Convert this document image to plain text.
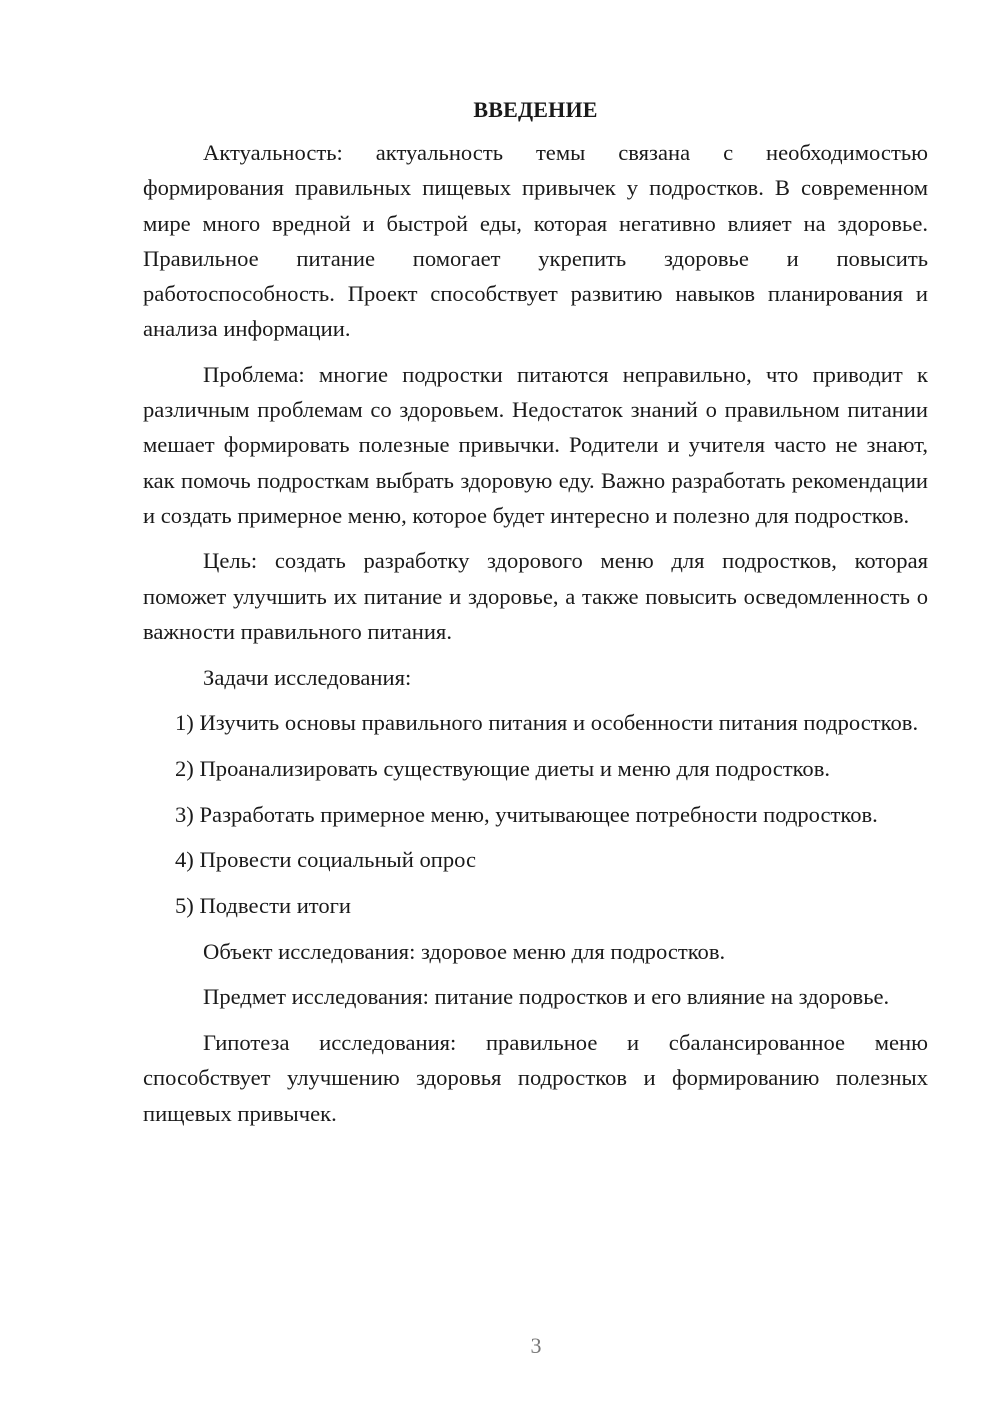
ВВЕДЕНИЕ

Актуальность: актуальность темы связана с необходимостью формирования правильных пищевых привычек у подростков. В современном мире много вредной и быстрой еды, которая негативно влияет на здоровье. Правильное питание помогает укрепить здоровье и повысить работоспособность. Проект способствует развитию навыков планирования и анализа информации.

Проблема: многие подростки питаются неправильно, что приводит к различным проблемам со здоровьем. Недостаток знаний о правильном питании мешает формировать полезные привычки. Родители и учителя часто не знают, как помочь подросткам выбрать здоровую еду. Важно разработать рекомендации и создать примерное меню, которое будет интересно и полезно для подростков.

Цель: создать разработку здорового меню для подростков, которая поможет улучшить их питание и здоровье, а также повысить осведомленность о важности правильного питания.

Задачи исследования:

1) Изучить основы правильного питания и особенности питания подростков.

2) Проанализировать существующие диеты и меню для подростков.

3) Разработать примерное меню, учитывающее потребности подростков.

4) Провести социальный опрос

5) Подвести итоги

Объект исследования: здоровое меню для подростков.

Предмет исследования: питание подростков и его влияние на здоровье.

Гипотеза исследования: правильное и сбалансированное меню способствует улучшению здоровья подростков и формированию полезных пищевых привычек.

3
